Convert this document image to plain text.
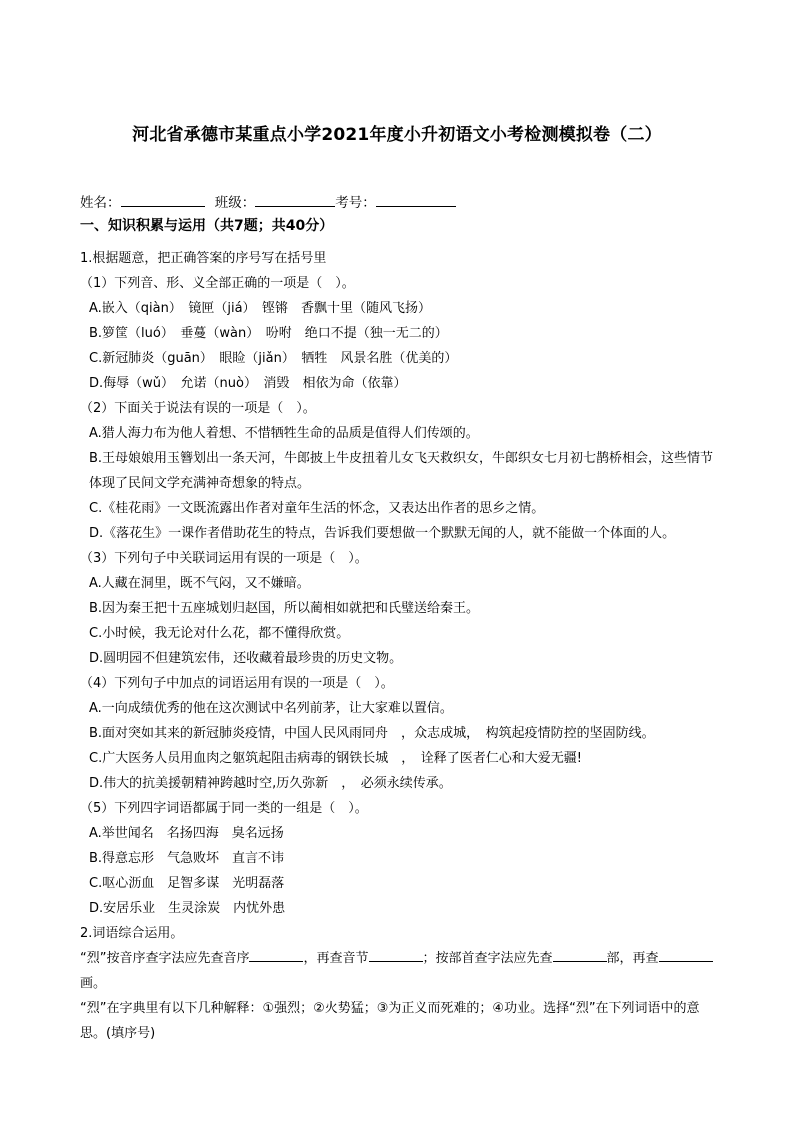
河北省承德市某重点小学2021年度小升初语文小考检测模拟卷（二）
姓名：	班级：	考号：
一、知识积累与运用（共7题；共40分）
1.根据题意，把正确答案的序号写在括号里
（1）下列音、形、义全部正确的一项是（　）。
A.嵌入（qiàn）　镜匣（jiá）　铿锵　香飘十里（随风飞扬）
B.箩筐（luó）　垂蔓（wàn）　吩咐　绝口不提（独一无二的）
C.新冠肺炎（guān）　眼睑（jiǎn）　牺牲　风景名胜（优美的）
D.侮辱（wǔ）　允诺（nuò）　消毁　相依为命（依靠）
（2）下面关于说法有误的一项是（　）。
A.猎人海力布为他人着想、不惜牺牲生命的品质是值得人们传颂的。
B.王母娘娘用玉簪划出一条天河，牛郎披上牛皮扭着儿女飞天救织女，牛郎织女七月初七鹊桥相会，这些情节体现了民间文学充满神奇想象的特点。
C.《桂花雨》一文既流露出作者对童年生活的怀念，又表达出作者的思乡之情。
D.《落花生》一课作者借助花生的特点，告诉我们要想做一个默默无闻的人，就不能做一个体面的人。
（3）下列句子中关联词运用有误的一项是（　）。
A.人藏在洞里，既不气闷，又不嫌暗。
B.因为秦王把十五座城划归赵国，所以蔺相如就把和氏璧送给秦王。
C.小时候，我无论对什么花，都不懂得欣赏。
D.圆明园不但建筑宏伟，还收藏着最珍贵的历史文物。
（4）下列句子中加点的词语运用有误的一项是（　）。
A.一向成绩优秀的他在这次测试中名列前茅，让大家难以置信。
B.面对突如其来的新冠肺炎疫情，中国人民风雨同舟　，众志成城，　构筑起疫情防控的坚固防线。
C.广大医务人员用血肉之躯筑起阻击病毒的钢铁长城　，　诠释了医者仁心和大爱无疆!
D.伟大的抗美援朝精神跨越时空,历久弥新　，　必须永续传承。
（5）下列四字词语都属于同一类的一组是（　）。
A.举世闻名　名扬四海　臭名远扬
B.得意忘形　气急败坏　直言不讳
C.呕心沥血　足智多谋　光明磊落
D.安居乐业　生灵涂炭　内忧外患
2.词语综合运用。
“烈”按音序查字法应先查音序	，再查音节	；按部首查字法应先查	部，再查画。
“烈”在字典里有以下几种解释：①强烈；②火势猛；③为正义而死难的；④功业。选择“烈”在下列词语中的意思。(填序号)
